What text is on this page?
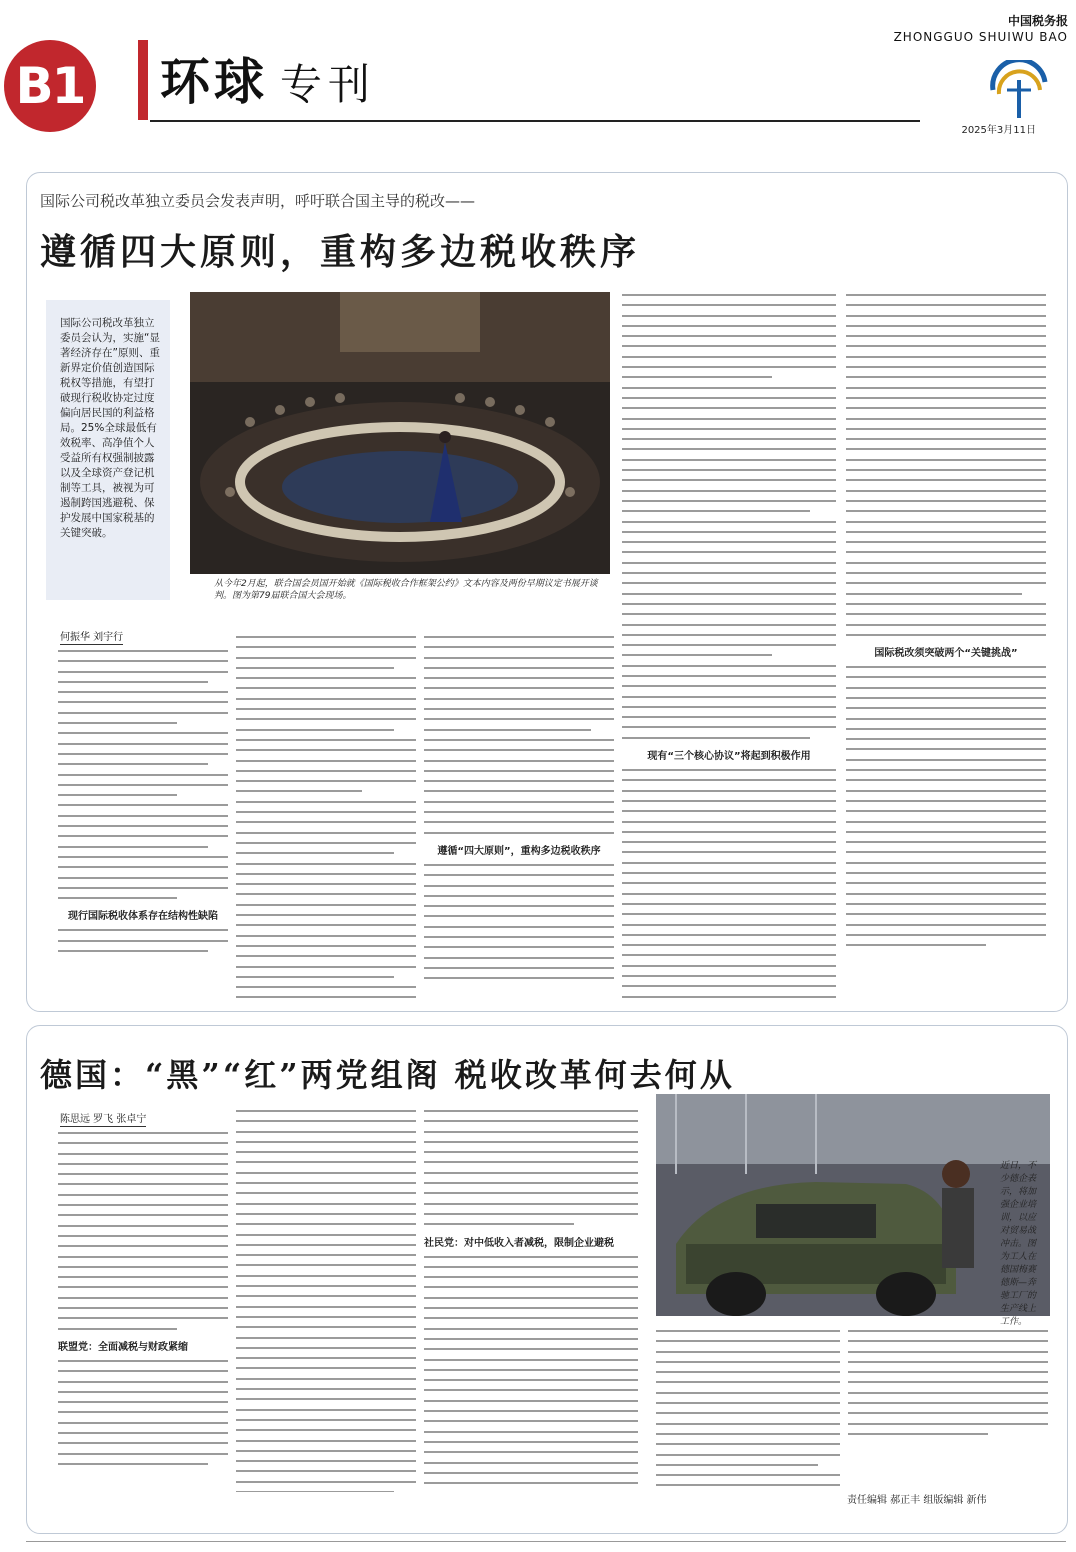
B1 环球 专刊
中国税务报
ZHONGGUO SHUIWU BAO
2025年3月11日
国际公司税改革独立委员会发表声明，呼吁联合国主导的税改——
遵循四大原则，重构多边税收秩序
国际公司税改革独立委员会认为，实施“显著经济存在”原则、重新界定价值创造国际税权等措施，有望打破现行税收协定过度偏向居民国的利益格局。25%全球最低有效税率、高净值个人受益所有权强制披露以及全球资产登记机制等工具，被视为可遏制跨国逃避税、保护发展中国家税基的关键突破。
从今年2月起，联合国会员国开始就《国际税收合作框架公约》文本内容及两份早期议定书展开谈判。图为第79届联合国大会现场。
何振华 刘宇行
现行国际税收体系存在结构性缺陷
遵循“四大原则”，重构多边税收秩序
现有“三个核心协议”将起到积极作用
国际税改须突破两个“关键挑战”
德国：“黑”“红”两党组阁 税收改革何去何从
陈思远 罗飞 张卓宁
联盟党：全面减税与财政紧缩
社民党：对中低收入者减税，限制企业避税
近日，不少德企表示，将加强企业培训，以应对贸易战冲击。图为工人在德国梅赛德斯—奔驰工厂的生产线上工作。
责任编辑 郝正丰 组版编辑 新伟
